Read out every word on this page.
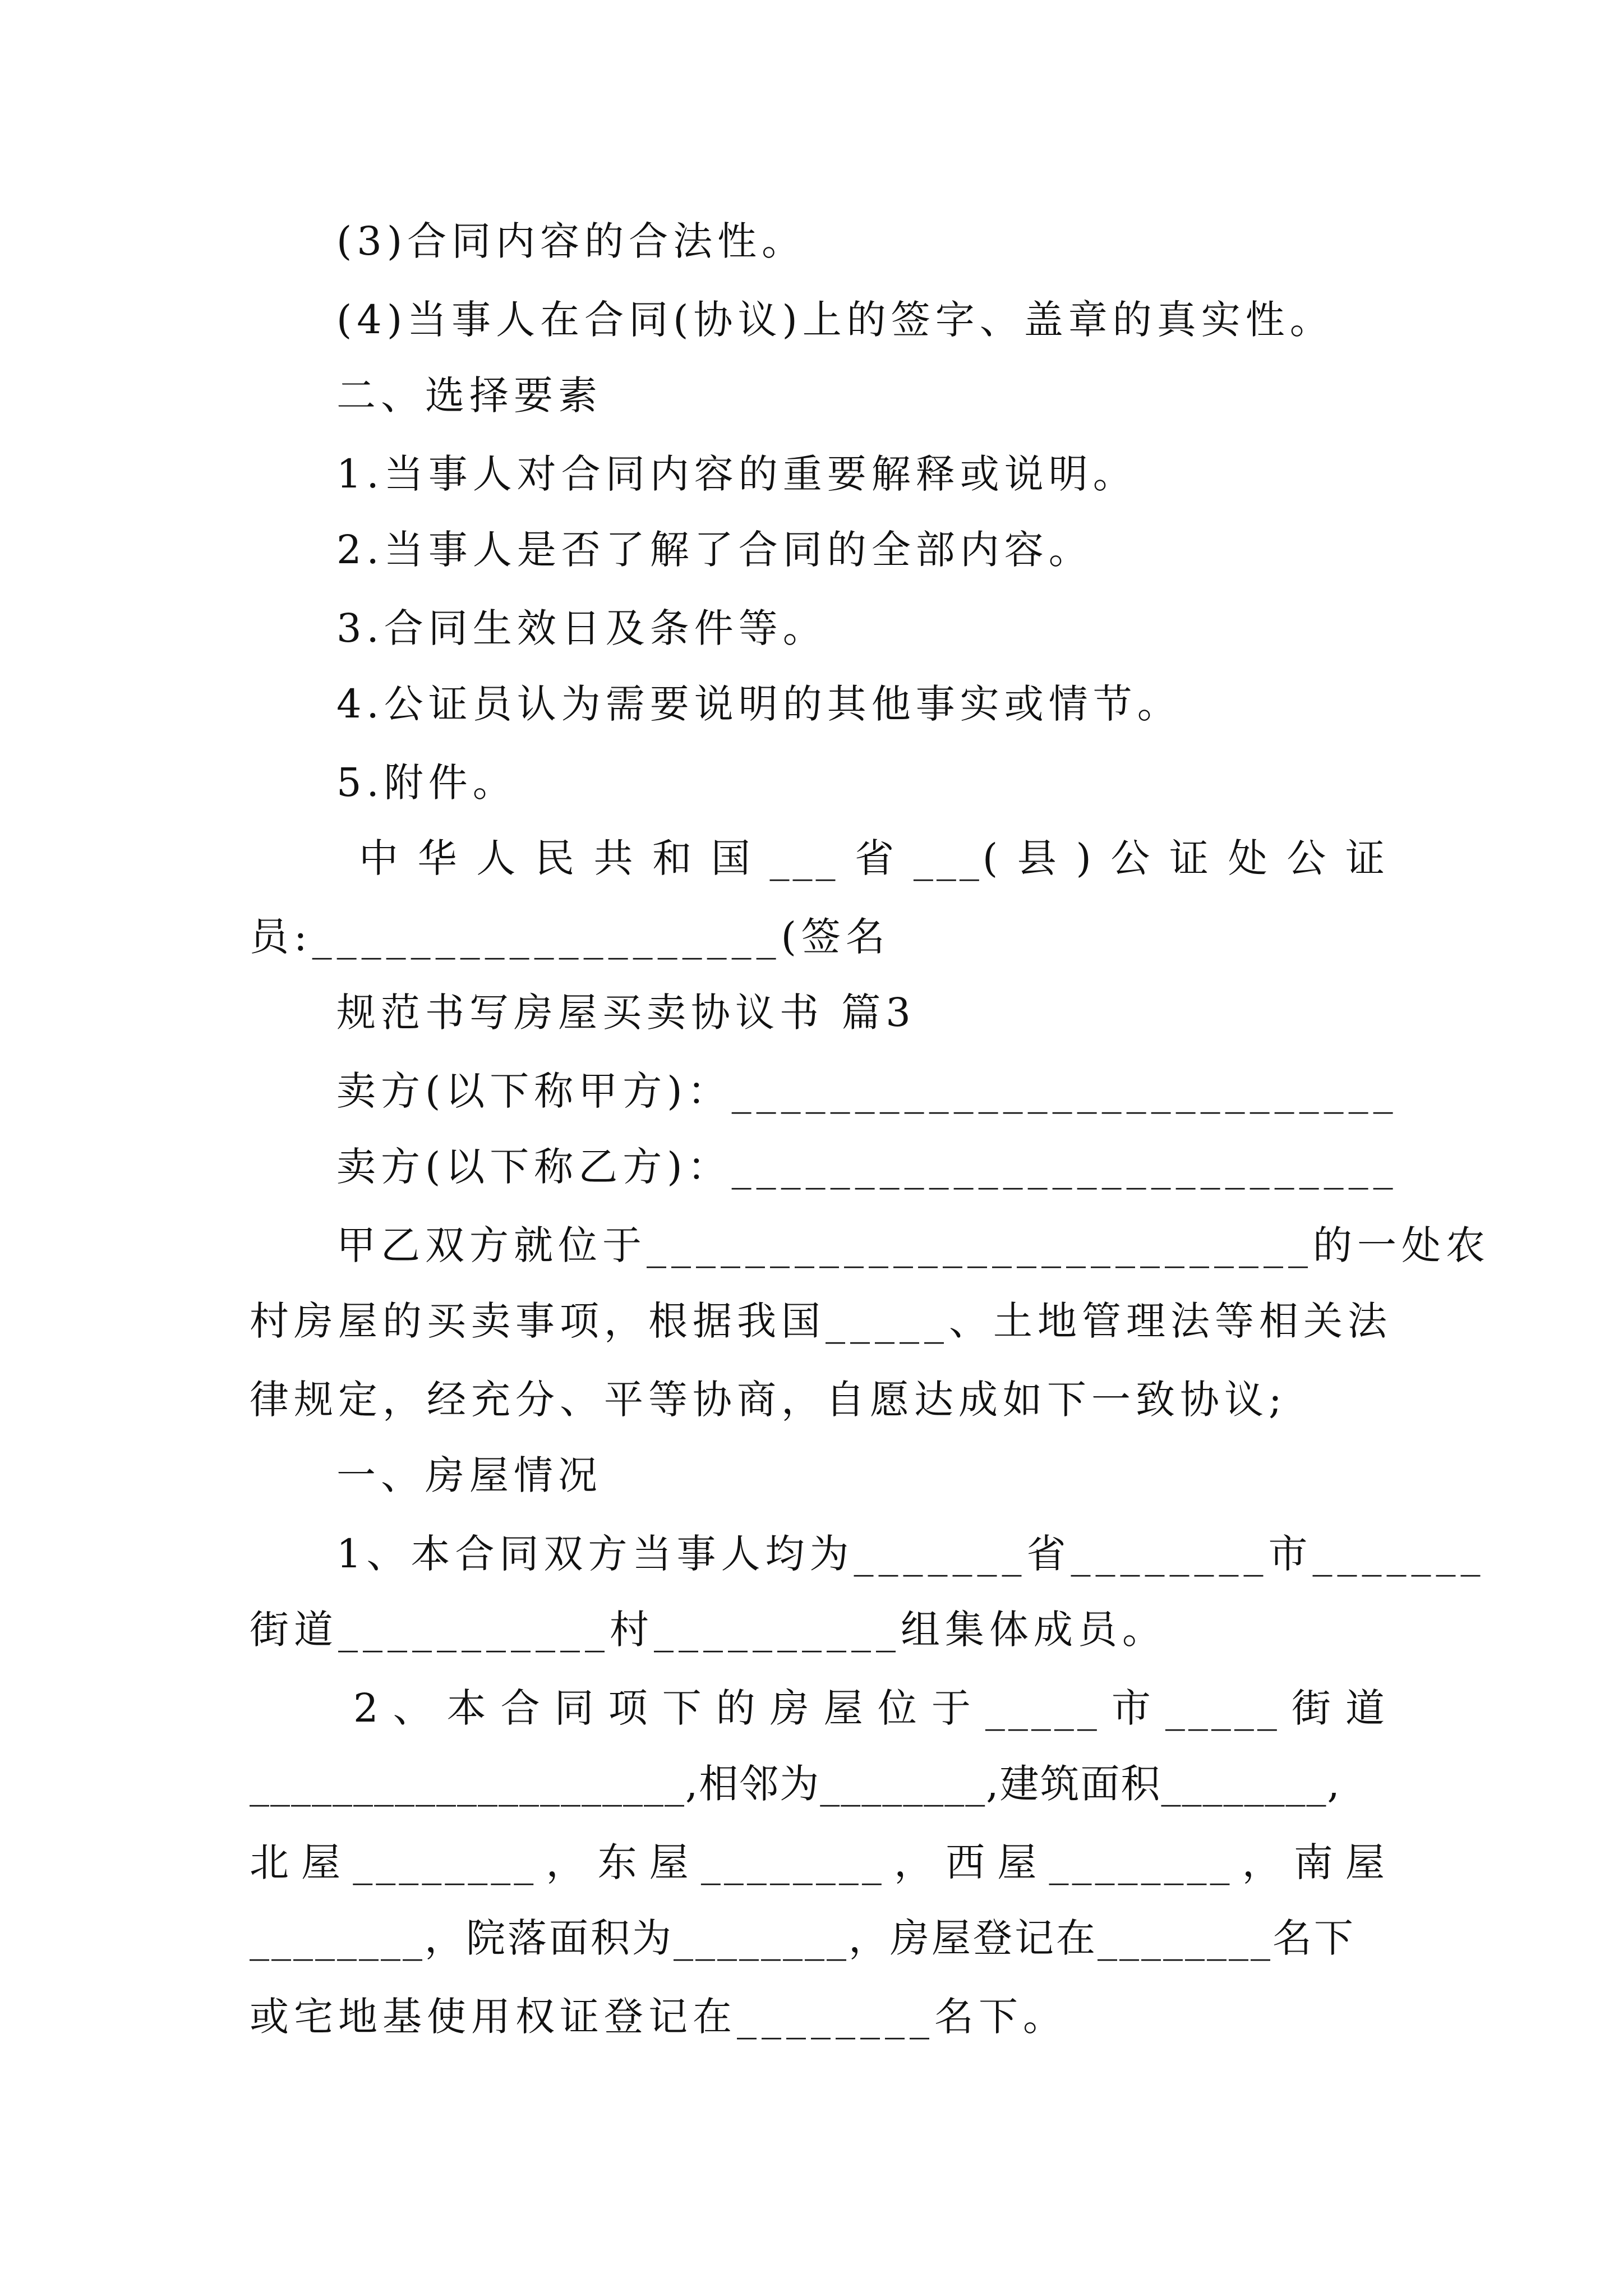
(3)合同内容的合法性。
(4)当事人在合同(协议)上的签字、盖章的真实性。
二、选择要素
1.当事人对合同内容的重要解释或说明。
2.当事人是否了解了合同的全部内容。
3.合同生效日及条件等。
4.公证员认为需要说明的其他事实或情节。
5.附件。
中华人民共和国___省___(县)公证处公证
员:___________________(签名
规范书写房屋买卖协议书 篇3
卖方(以下称甲方)：___________________________
卖方(以下称乙方)：___________________________
甲乙双方就位于___________________________的一处农
村房屋的买卖事项，根据我国_____、土地管理法等相关法
律规定，经充分、平等协商，自愿达成如下一致协议;
一、房屋情况
1、本合同双方当事人均为_______省________市_______
街道___________村__________组集体成员。
2、本合同项下的房屋位于_____市_____街道
_____________________,相邻为________,建筑面积________,
北屋________，东屋________，西屋________，南屋
________，院落面积为________，房屋登记在________名下
或宅地基使用权证登记在________名下。
